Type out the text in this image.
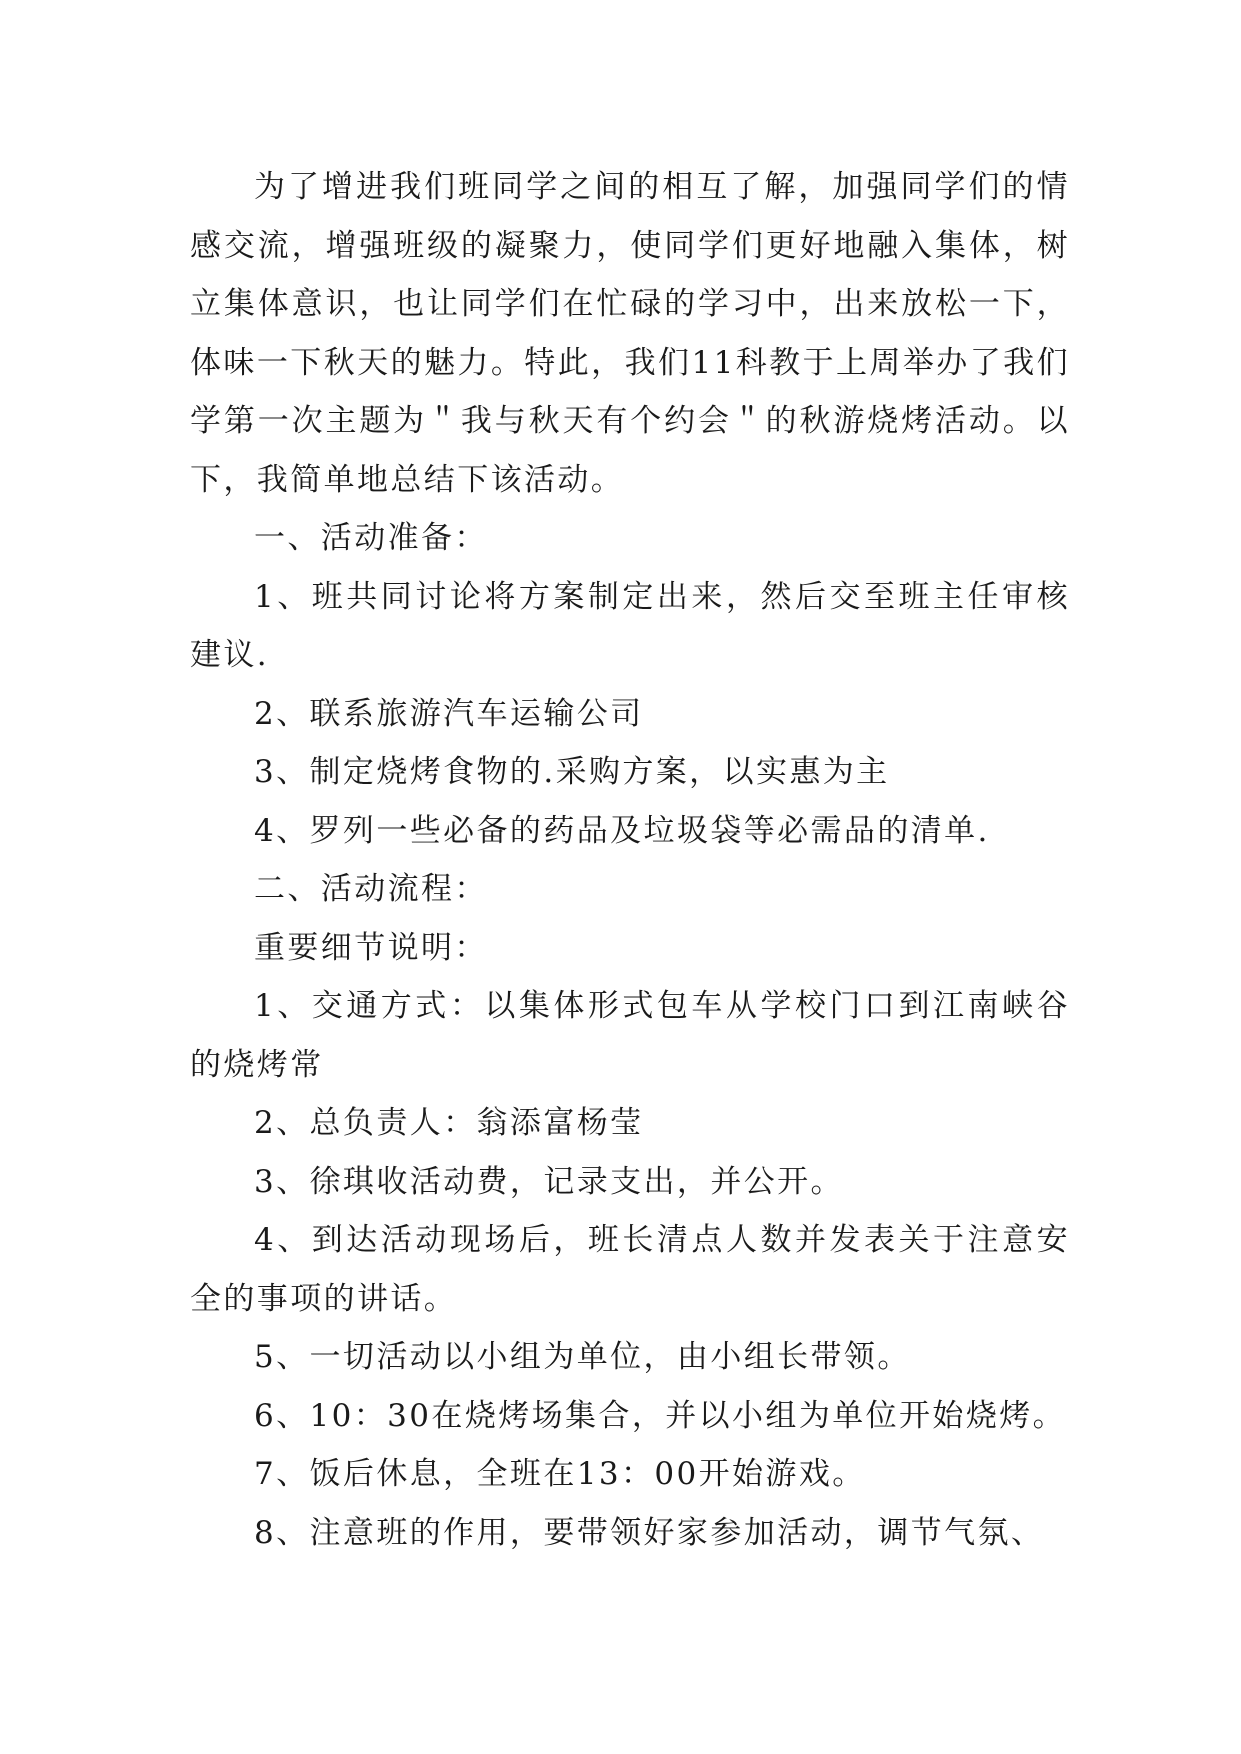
为了增进我们班同学之间的相互了解，加强同学们的情感交流，增强班级的凝聚力，使同学们更好地融入集体，树立集体意识，也让同学们在忙碌的学习中，出来放松一下，体味一下秋天的魅力。特此，我们11科教于上周举办了我们学第一次主题为＂我与秋天有个约会＂的秋游烧烤活动。以下，我简单地总结下该活动。

一、活动准备：

1、班共同讨论将方案制定出来，然后交至班主任审核建议.

2、联系旅游汽车运输公司

3、制定烧烤食物的.采购方案，以实惠为主

4、罗列一些必备的药品及垃圾袋等必需品的清单.

二、活动流程：

重要细节说明：

1、交通方式：以集体形式包车从学校门口到江南峡谷的烧烤常

2、总负责人：翁添富杨莹

3、徐琪收活动费，记录支出，并公开。

4、到达活动现场后，班长清点人数并发表关于注意安全的事项的讲话。

5、一切活动以小组为单位，由小组长带领。

6、10：30在烧烤场集合，并以小组为单位开始烧烤。

7、饭后休息，全班在13：00开始游戏。

8、注意班的作用，要带领好家参加活动，调节气氛、
